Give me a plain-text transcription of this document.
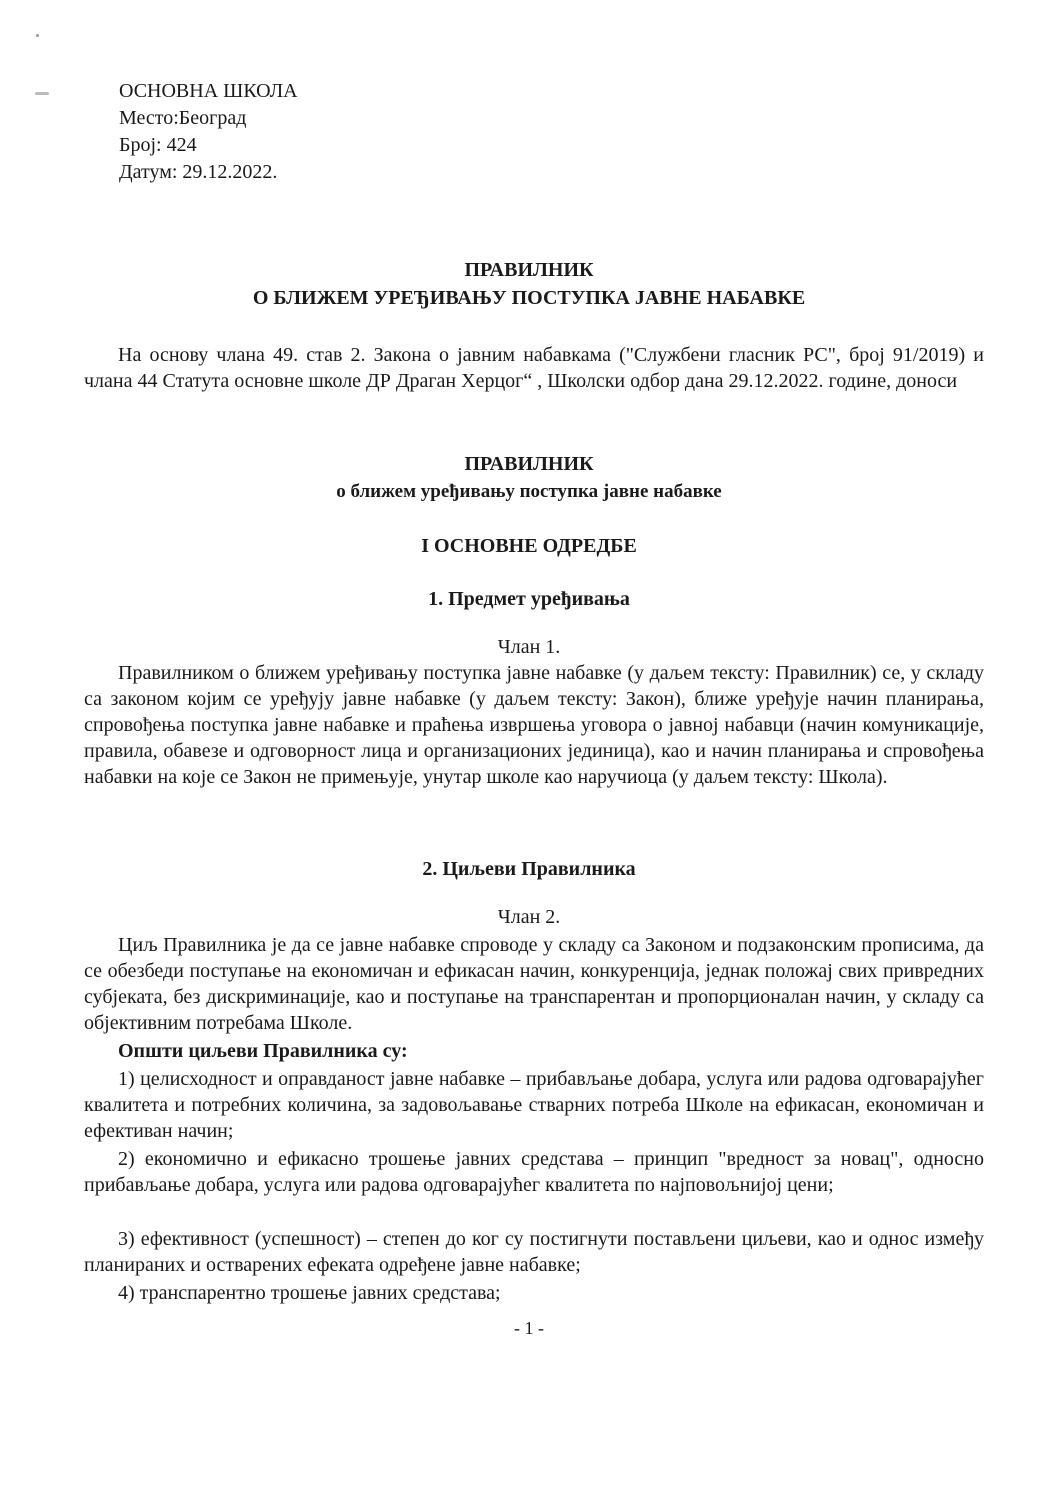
ОСНОВНА ШКОЛА
Место:Београд
Број: 424
Датум: 29.12.2022.
ПРАВИЛНИК
О БЛИЖЕМ УРЕЂИВАЊУ ПОСТУПКА ЈАВНЕ НАБАВКЕ
На основу члана 49. став 2. Закона о јавним набавкама ("Службени гласник РС", број 91/2019) и члана 44 Статута основне школе ДР Драган Херцог“ , Школски одбор дана 29.12.2022. године, доноси
ПРАВИЛНИК
о ближем уређивању поступка јавне набавке
I ОСНОВНЕ ОДРЕДБЕ
1. Предмет уређивања
Члан 1.
Правилником о ближем уређивању поступка јавне набавке (у даљем тексту: Правилник) се, у складу са законом којим се уређују јавне набавке (у даљем тексту: Закон), ближе уређује начин планирања, спровођења поступка јавне набавке и праћења извршења уговора о јавној набавци (начин комуникације, правила, обавезе и одговорност лица и организационих јединица), као и начин планирања и спровођења набавки на које се Закон не примењује, унутар школе као наручиоца (у даљем тексту: Школа).
2. Циљеви Правилника
Члан 2.
Циљ Правилника је да се јавне набавке спроводе у складу са Законом и подзаконским прописима, да се обезбеди поступање на економичан и ефикасан начин, конкуренција, једнак положај свих привредних субјеката, без дискриминације, као и поступање на транспарентан и пропорционалан начин, у складу са објективним потребама Школе.
Општи циљеви Правилника су:
1) целисходност и оправданост јавне набавке – прибављање добара, услуга или радова одговарајућег квалитета и потребних количина, за задовољавање стварних потреба Школе на ефикасан, економичан и ефективан начин;
2) економично и ефикасно трошење јавних средстава – принцип "вредност за новац", односно прибављање добара, услуга или радова одговарајућег квалитета по најповољнијој цени;
3) ефективност (успешност) – степен до ког су постигнути постављени циљеви, као и однос између планираних и остварених ефеката одређене јавне набавке;
4) транспарентно трошење јавних средстава;
- 1 -
